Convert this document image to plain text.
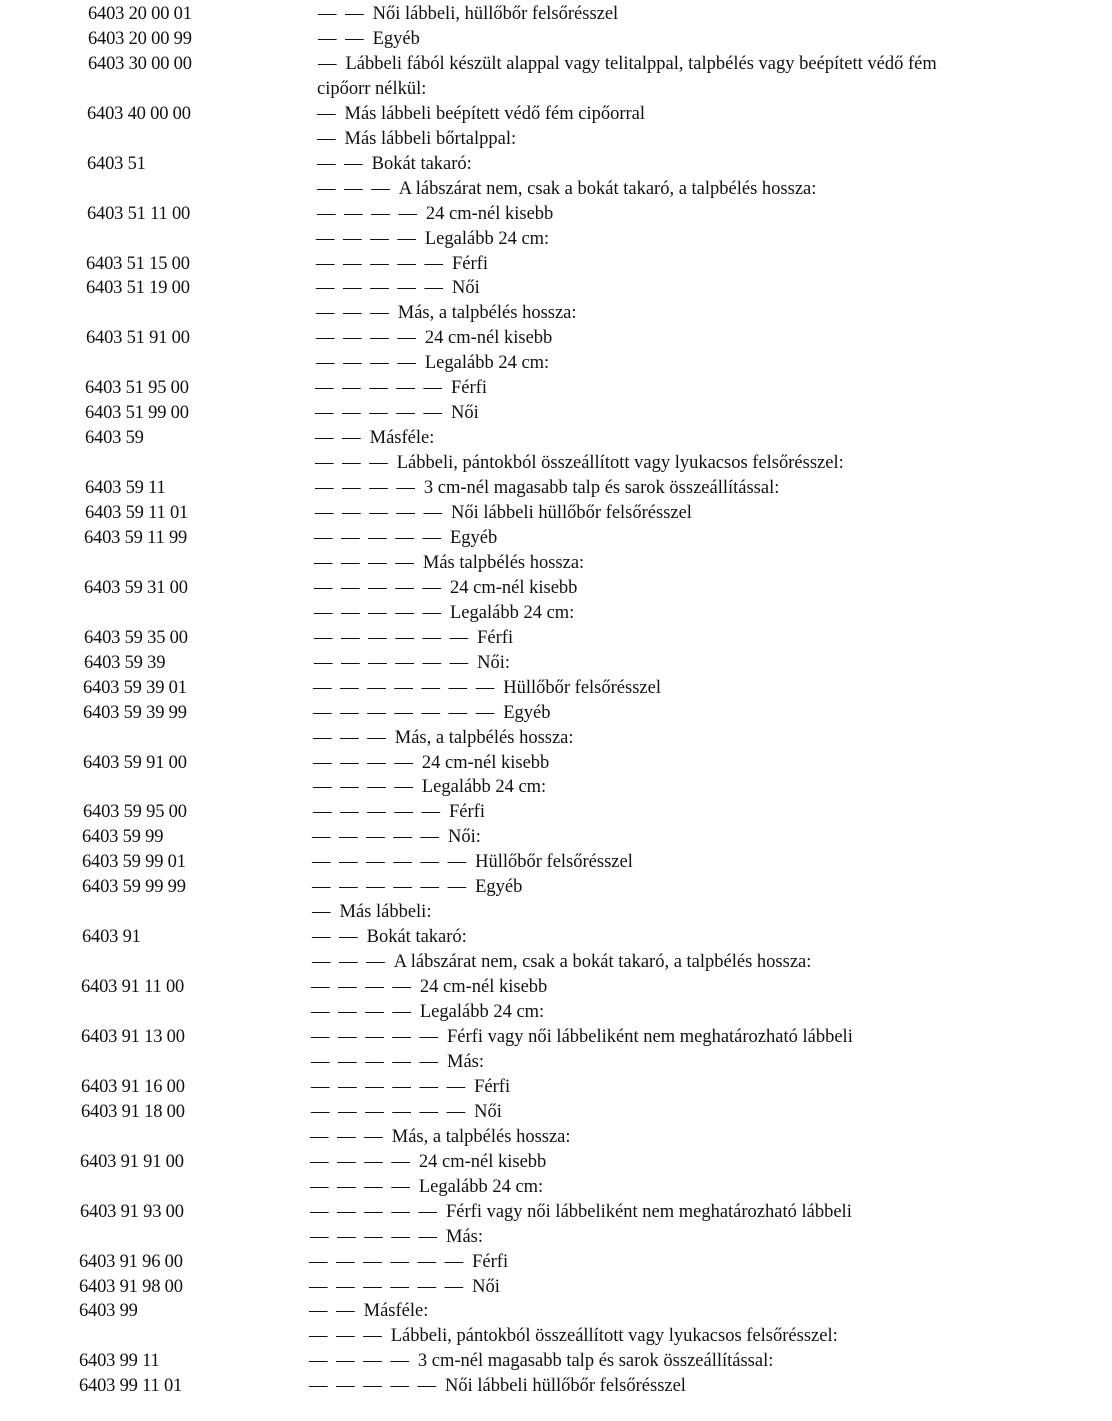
6403 20 00 01	— — Női lábbeli, hüllőbőr felsőrésszel
6403 20 00 99	— — Egyéb
6403 30 00 00	— Lábbeli fából készült alappal vagy telitalppal, talpbélés vagy beépített védő fém
cipőorr nélkül:
6403 40 00 00	— Más lábbeli beépített védő fém cipőorral
— Más lábbeli bőrtalppal:
6403 51	— — Bokát takaró:
— — — A lábszárat nem, csak a bokát takaró, a talpbélés hossza:
6403 51 11 00	— — — — 24 cm-nél kisebb
— — — — Legalább 24 cm:
6403 51 15 00	— — — — — Férfi
6403 51 19 00	— — — — — Női
— — — Más, a talpbélés hossza:
6403 51 91 00	— — — — 24 cm-nél kisebb
— — — — Legalább 24 cm:
6403 51 95 00	— — — — — Férfi
6403 51 99 00	— — — — — Női
6403 59	— — Másféle:
— — — Lábbeli, pántokból összeállított vagy lyukacsos felsőrésszel:
6403 59 11	— — — — 3 cm-nél magasabb talp és sarok összeállítással:
6403 59 11 01	— — — — — Női lábbeli hüllőbőr felsőrésszel
6403 59 11 99	— — — — — Egyéb
— — — — Más talpbélés hossza:
6403 59 31 00	— — — — — 24 cm-nél kisebb
— — — — — Legalább 24 cm:
6403 59 35 00	— — — — — — Férfi
6403 59 39	— — — — — — Női:
6403 59 39 01	— — — — — — — Hüllőbőr felsőrésszel
6403 59 39 99	— — — — — — — Egyéb
— — — Más, a talpbélés hossza:
6403 59 91 00	— — — — 24 cm-nél kisebb
— — — — Legalább 24 cm:
6403 59 95 00	— — — — — Férfi
6403 59 99	— — — — — Női:
6403 59 99 01	— — — — — — Hüllőbőr felsőrésszel
6403 59 99 99	— — — — — — Egyéb
— Más lábbeli:
6403 91	— — Bokát takaró:
— — — A lábszárat nem, csak a bokát takaró, a talpbélés hossza:
6403 91 11 00	— — — — 24 cm-nél kisebb
— — — — Legalább 24 cm:
6403 91 13 00	— — — — — Férfi vagy női lábbeliként nem meghatározható lábbeli
— — — — — Más:
6403 91 16 00	— — — — — — Férfi
6403 91 18 00	— — — — — — Női
— — — Más, a talpbélés hossza:
6403 91 91 00	— — — — 24 cm-nél kisebb
— — — — Legalább 24 cm:
6403 91 93 00	— — — — — Férfi vagy női lábbeliként nem meghatározható lábbeli
— — — — — Más:
6403 91 96 00	— — — — — — Férfi
6403 91 98 00	— — — — — — Női
6403 99	— — Másféle:
— — — Lábbeli, pántokból összeállított vagy lyukacsos felsőrésszel:
6403 99 11	— — — — 3 cm-nél magasabb talp és sarok összeállítással:
6403 99 11 01	— — — — — Női lábbeli hüllőbőr felsőrésszel
